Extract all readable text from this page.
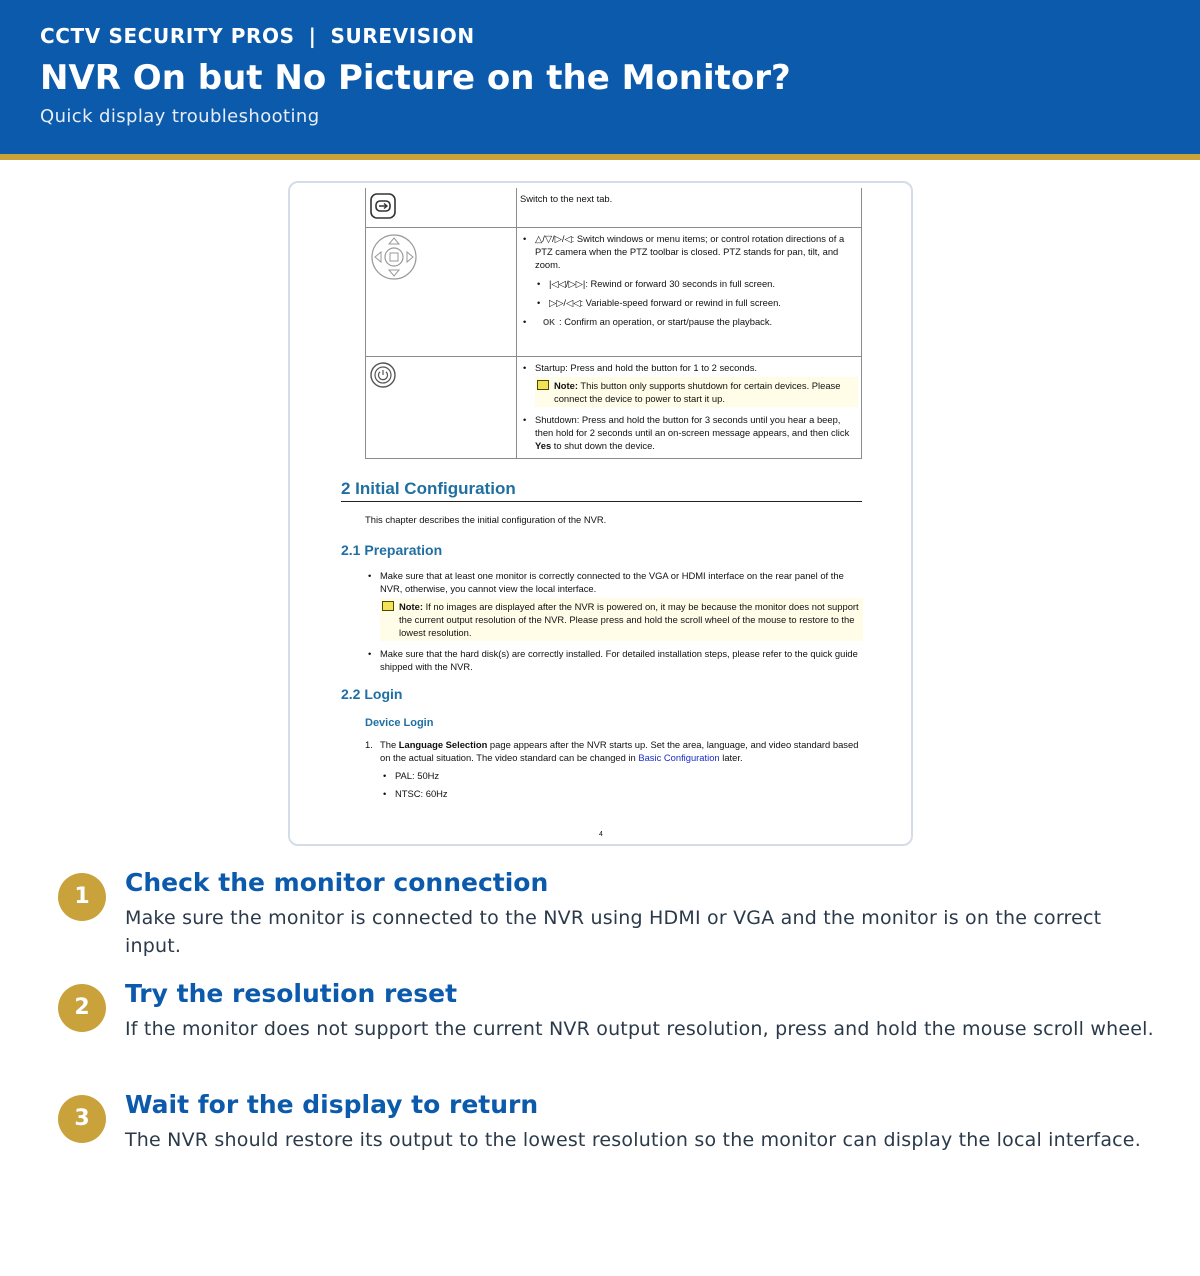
CCTV SECURITY PROS | SUREVISION
NVR On but No Picture on the Monitor?
Quick display troubleshooting
	Switch to the next tab.

• △/▽/▷/◁: Switch windows or menu items; or control rotation directions of a PTZ camera when the PTZ toolbar is closed. PTZ stands for pan, tilt, and zoom.
• |◁◁/▷▷|: Rewind or forward 30 seconds in full screen.
• ▷▷/◁◁: Variable-speed forward or rewind in full screen.
• OK : Confirm an operation, or start/pause the playback.

• Startup: Press and hold the button for 1 to 2 seconds.
Note: This button only supports shutdown for certain devices. Please connect the device to power to start it up.
• Shutdown: Press and hold the button for 3 seconds until you hear a beep, then hold for 2 seconds until an on-screen message appears, and then click Yes to shut down the device.
2 Initial Configuration
This chapter describes the initial configuration of the NVR.
2.1 Preparation
• Make sure that at least one monitor is correctly connected to the VGA or HDMI interface on the rear panel of the NVR, otherwise, you cannot view the local interface.
Note: If no images are displayed after the NVR is powered on, it may be because the monitor does not support the current output resolution of the NVR. Please press and hold the scroll wheel of the mouse to restore to the lowest resolution.
• Make sure that the hard disk(s) are correctly installed. For detailed installation steps, please refer to the quick guide shipped with the NVR.
2.2 Login
Device Login
1. The Language Selection page appears after the NVR starts up. Set the area, language, and video standard based on the actual situation. The video standard can be changed in Basic Configuration later.
• PAL: 50Hz
• NTSC: 60Hz
4
1	Check the monitor connection
Make sure the monitor is connected to the NVR using HDMI or VGA and the monitor is on the correct input.
2	Try the resolution reset
If the monitor does not support the current NVR output resolution, press and hold the mouse scroll wheel.
3	Wait for the display to return
The NVR should restore its output to the lowest resolution so the monitor can display the local interface.
